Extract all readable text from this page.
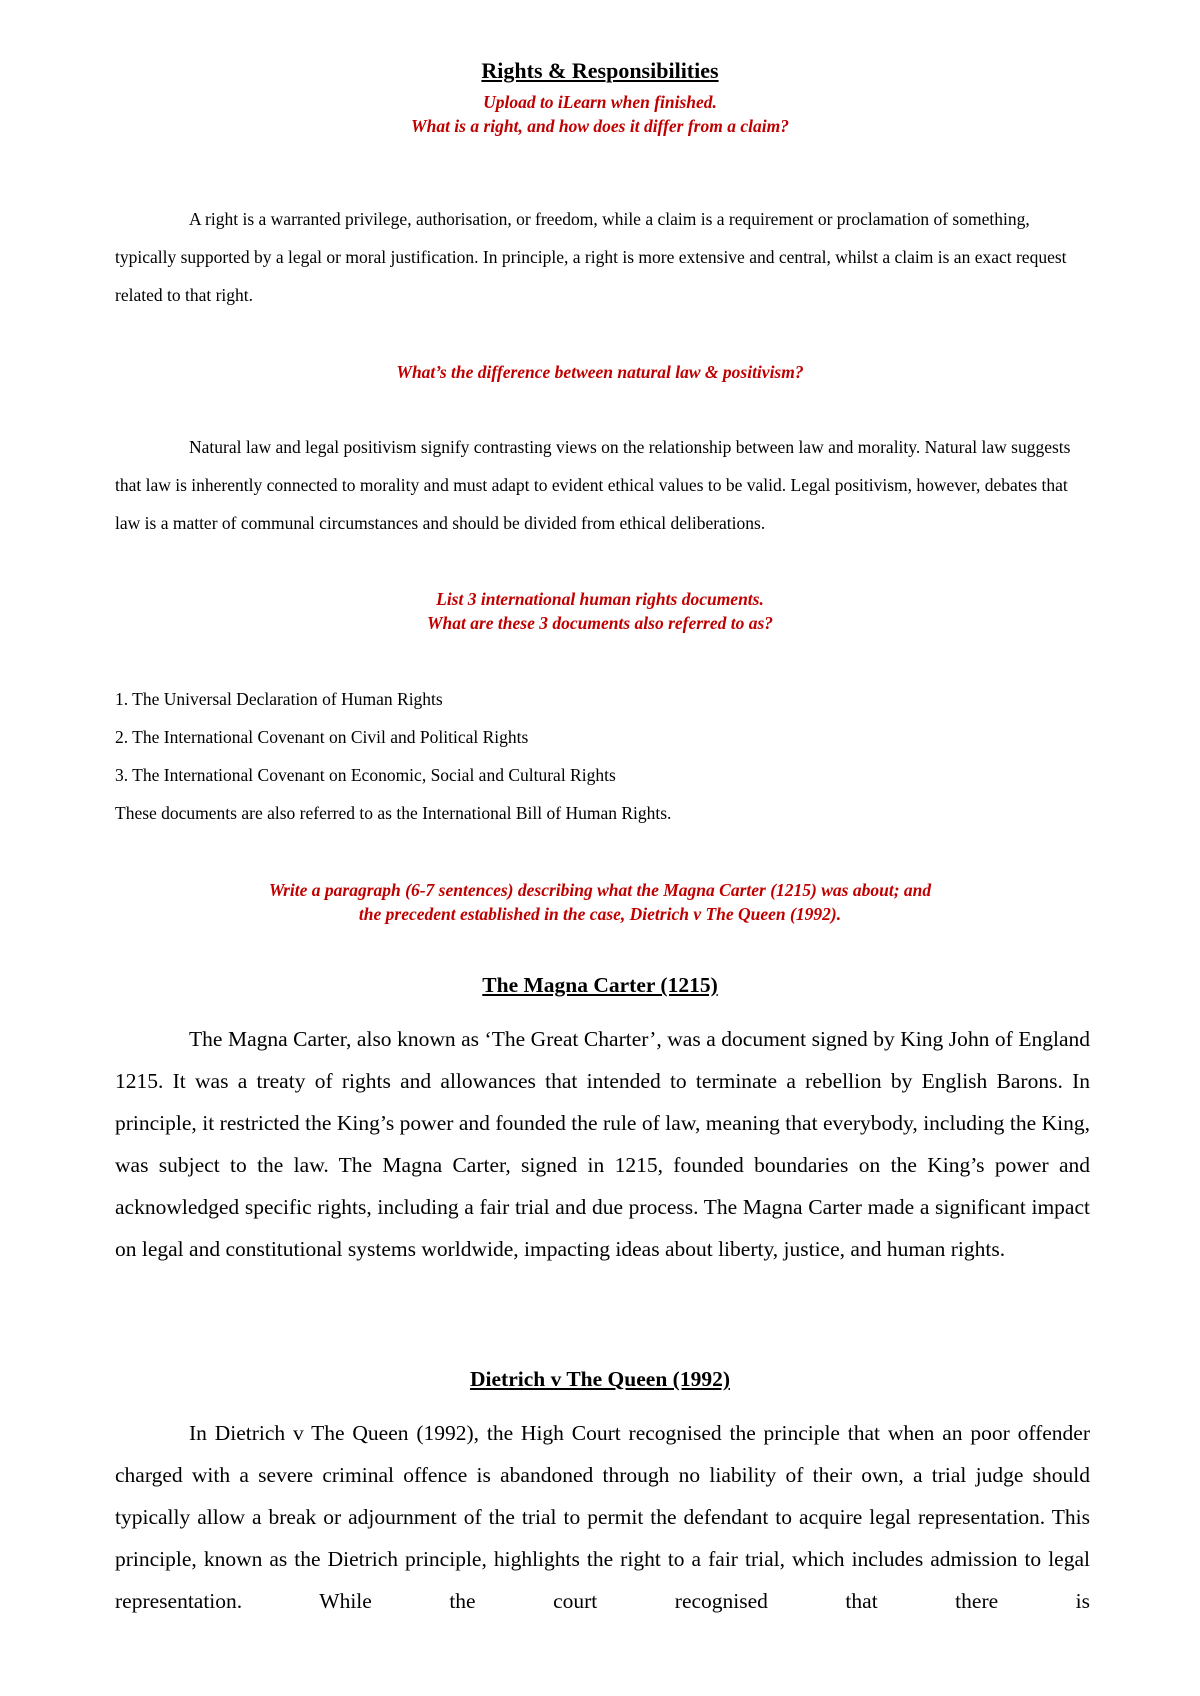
Rights & Responsibilities
Upload to iLearn when finished.
What is a right, and how does it differ from a claim?

A right is a warranted privilege, authorisation, or freedom, while a claim is a requirement or proclamation of something, typically supported by a legal or moral justification. In principle, a right is more extensive and central, whilst a claim is an exact request related to that right.

What’s the difference between natural law & positivism?

Natural law and legal positivism signify contrasting views on the relationship between law and morality. Natural law suggests that law is inherently connected to morality and must adapt to evident ethical values to be valid. Legal positivism, however, debates that law is a matter of communal circumstances and should be divided from ethical deliberations.

List 3 international human rights documents.
What are these 3 documents also referred to as?
1. The Universal Declaration of Human Rights
2. The International Covenant on Civil and Political Rights
3. The International Covenant on Economic, Social and Cultural Rights
These documents are also referred to as the International Bill of Human Rights.
Write a paragraph (6-7 sentences) describing what the Magna Carter (1215) was about; and
the precedent established in the case, Dietrich v The Queen (1992).
The Magna Carter (1215)

The Magna Carter, also known as ‘The Great Charter’, was a document signed by King John of England 1215. It was a treaty of rights and allowances that intended to terminate a rebellion by English Barons. In principle, it restricted the King’s power and founded the rule of law, meaning that everybody, including the King, was subject to the law. The Magna Carter, signed in 1215, founded boundaries on the King’s power and acknowledged specific rights, including a fair trial and due process. The Magna Carter made a significant impact on legal and constitutional systems worldwide, impacting ideas about liberty, justice, and human rights.

Dietrich v The Queen (1992)

In Dietrich v The Queen (1992), the High Court recognised the principle that when an poor offender charged with a severe criminal offence is abandoned through no liability of their own, a trial judge should typically allow a break or adjournment of the trial to permit the defendant to acquire legal representation. This principle, known as the Dietrich principle, highlights the right to a fair trial, which includes admission to legal representation. While the court recognised that there is
